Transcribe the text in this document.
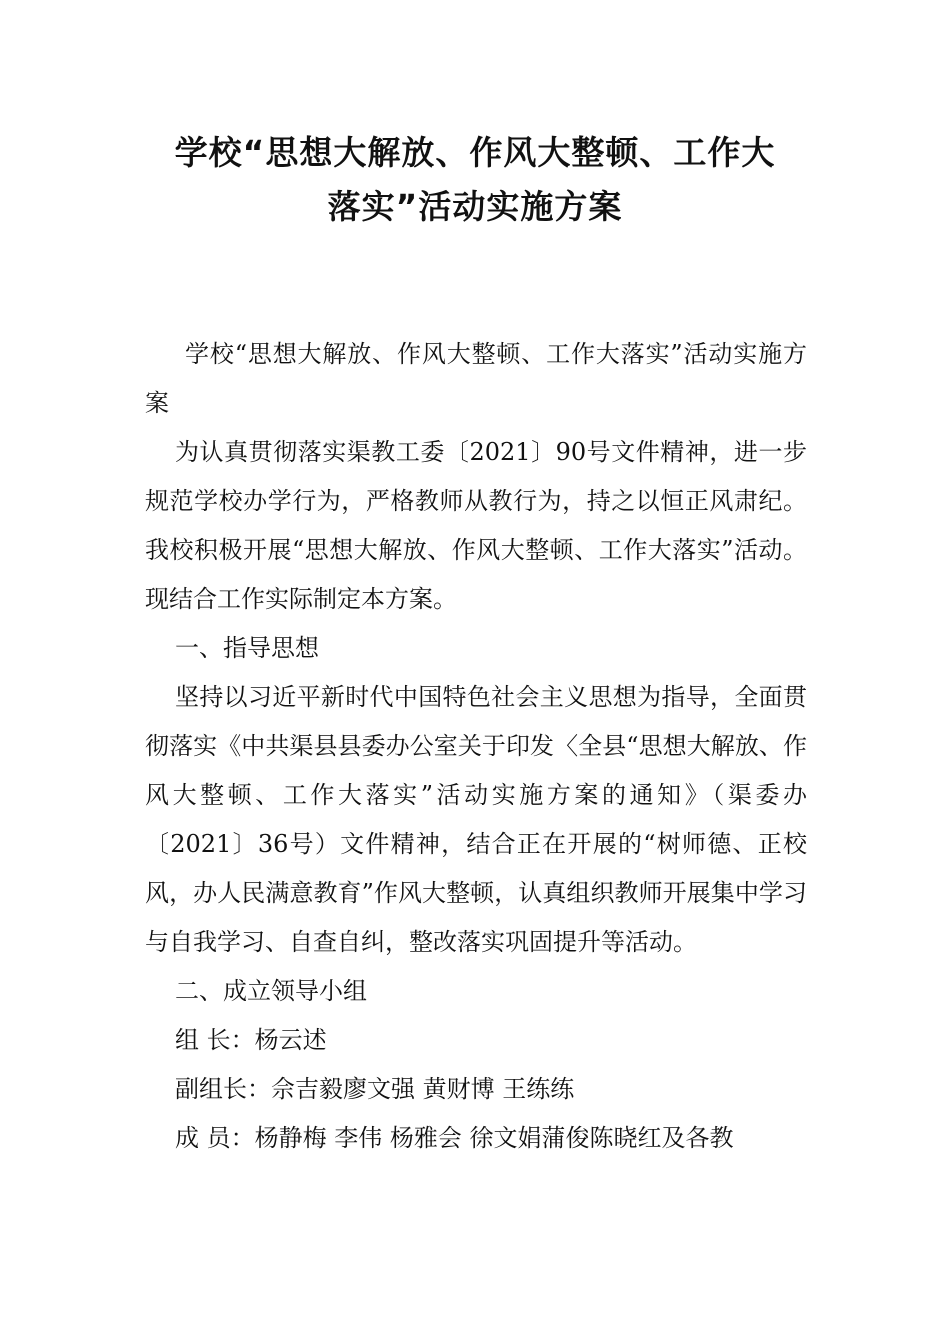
学校“思想大解放、作风大整顿、工作大
落实”活动实施方案

学校“思想大解放、作风大整顿、工作大落实”活动实施方案

为认真贯彻落实渠教工委〔2021〕90号文件精神，进一步规范学校办学行为，严格教师从教行为，持之以恒正风肃纪。我校积极开展“思想大解放、作风大整顿、工作大落实”活动。现结合工作实际制定本方案。

一、指导思想

坚持以习近平新时代中国特色社会主义思想为指导，全面贯彻落实《中共渠县县委办公室关于印发〈全县“思想大解放、作风大整顿、工作大落实”活动实施方案的通知》（渠委办〔2021〕36号）文件精神，结合正在开展的“树师德、正校风，办人民满意教育”作风大整顿，认真组织教师开展集中学习与自我学习、自查自纠，整改落实巩固提升等活动。

二、成立领导小组

组 长：杨云述

副组长：佘吉毅廖文强 黄财博 王练练

成 员：杨静梅 李伟 杨雅会 徐文娟蒲俊陈晓红及各教
